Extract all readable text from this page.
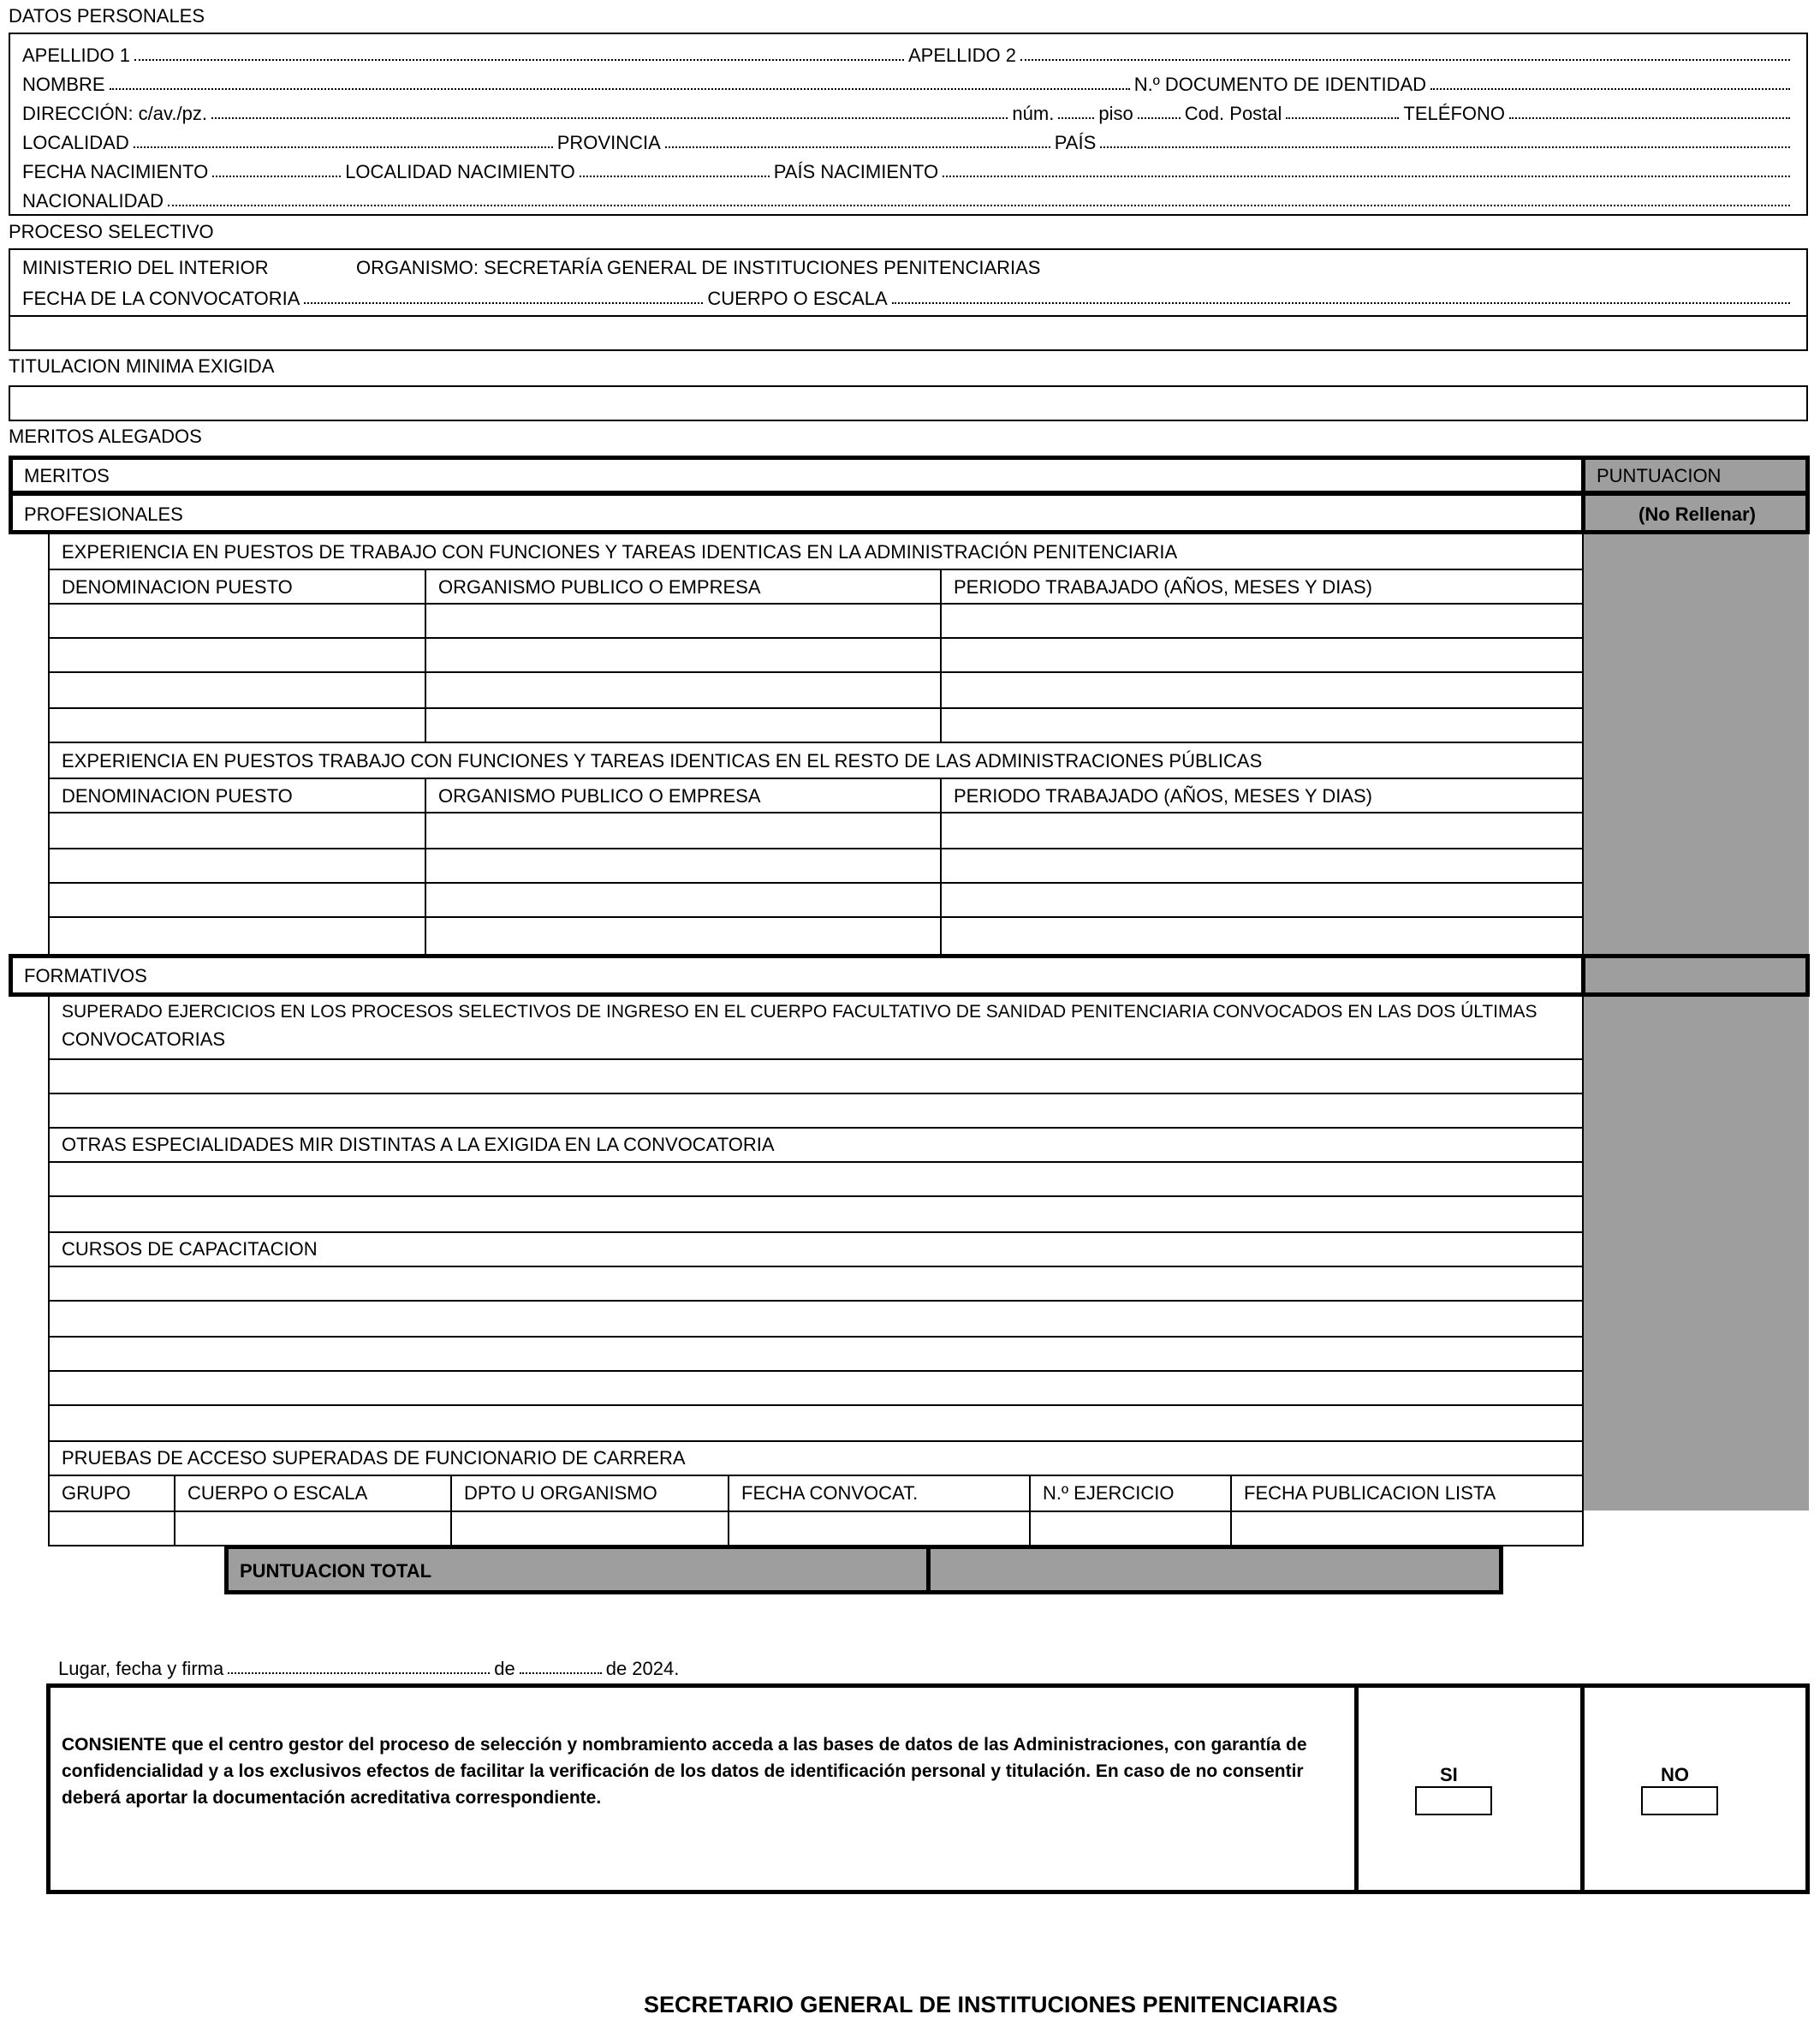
DATOS PERSONALES
APELLIDO 1	APELLIDO 2
NOMBRE	N.º DOCUMENTO DE IDENTIDAD
DIRECCIÓN: c/av./pz.	núm. piso	Cod. Postal	TELÉFONO
LOCALIDAD	PROVINCIA	PAÍS
FECHA NACIMIENTO	LOCALIDAD NACIMIENTO	PAÍS NACIMIENTO
NACIONALIDAD
PROCESO SELECTIVO
MINISTERIO DEL INTERIOR	ORGANISMO: SECRETARÍA GENERAL DE INSTITUCIONES PENITENCIARIAS
FECHA DE LA CONVOCATORIA	CUERPO O ESCALA
TITULACION MINIMA EXIGIDA
MERITOS ALEGADOS
MERITOS	PUNTUACION
PROFESIONALES	(No Rellenar)
EXPERIENCIA EN PUESTOS DE TRABAJO CON FUNCIONES Y TAREAS IDENTICAS EN LA ADMINISTRACIÓN PENITENCIARIA
DENOMINACION PUESTO	ORGANISMO PUBLICO O EMPRESA	PERIODO TRABAJADO (AÑOS, MESES Y DIAS)
EXPERIENCIA EN PUESTOS TRABAJO CON FUNCIONES Y TAREAS IDENTICAS EN EL RESTO DE LAS ADMINISTRACIONES PÚBLICAS
DENOMINACION PUESTO	ORGANISMO PUBLICO O EMPRESA	PERIODO TRABAJADO (AÑOS, MESES Y DIAS)
FORMATIVOS
SUPERADO EJERCICIOS EN LOS PROCESOS SELECTIVOS DE INGRESO EN EL CUERPO FACULTATIVO DE SANIDAD PENITENCIARIA CONVOCADOS EN LAS DOS ÚLTIMAS
CONVOCATORIAS
OTRAS ESPECIALIDADES MIR DISTINTAS A LA EXIGIDA EN LA CONVOCATORIA
CURSOS DE CAPACITACION
PRUEBAS DE ACCESO SUPERADAS DE FUNCIONARIO DE CARRERA
GRUPO	CUERPO O ESCALA	DPTO U ORGANISMO	FECHA CONVOCAT.	N.º EJERCICIO	FECHA PUBLICACION LISTA
PUNTUACION TOTAL
Lugar, fecha y firma	de	de 2024.
CONSIENTE que el centro gestor del proceso de selección y nombramiento acceda a las bases de datos de las Administraciones, con garantía de
confidencialidad y a los exclusivos efectos de facilitar la verificación de los datos de identificación personal y titulación. En caso de no consentir
deberá aportar la documentación acreditativa correspondiente.
SI	NO
SECRETARIO GENERAL DE INSTITUCIONES PENITENCIARIAS
